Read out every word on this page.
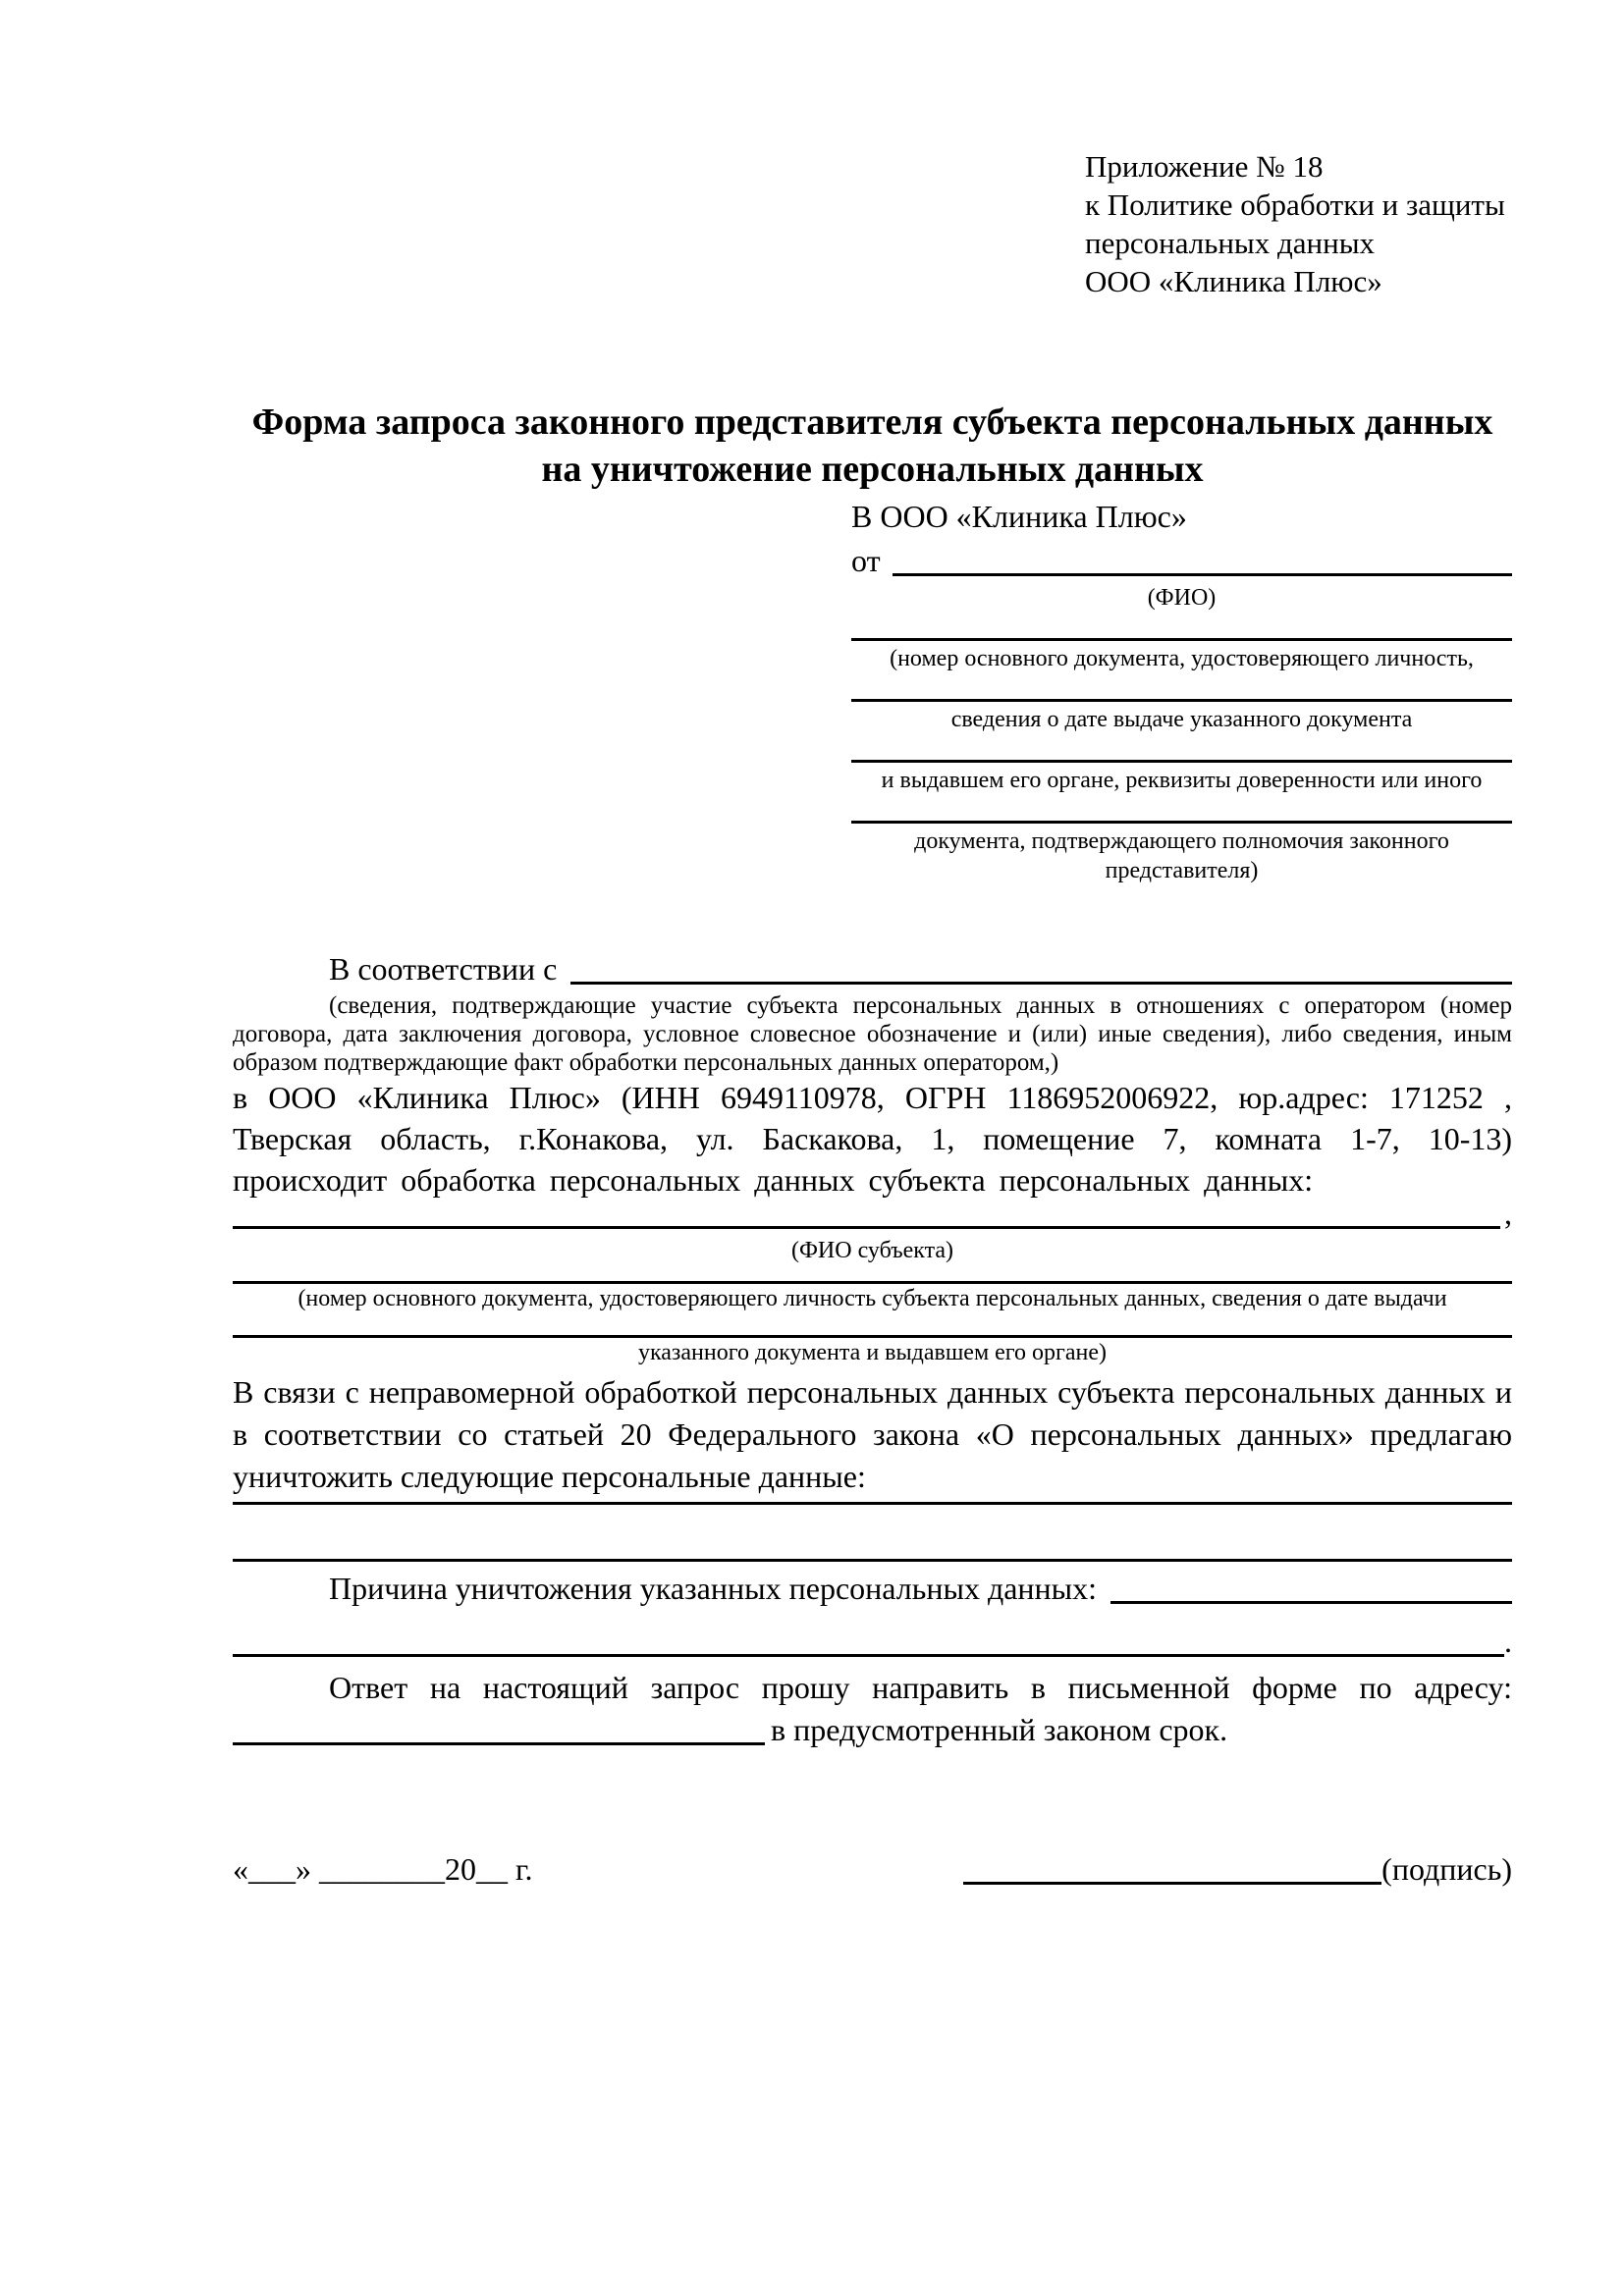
Приложение № 18
к Политике обработки и защиты
персональных данных
ООО «Клиника Плюс»
Форма запроса законного представителя субъекта персональных данных
на уничтожение персональных данных
В ООО «Клиника Плюс»
от
(ФИО)
(номер основного документа, удостоверяющего личность,
сведения о дате выдаче указанного документа
и выдавшем его органе, реквизиты доверенности или иного
документа, подтверждающего полномочия законного представителя)
В соответствии с

(сведения, подтверждающие участие субъекта персональных данных в отношениях с оператором (номер договора, дата заключения договора, условное словесное обозначение и (или) иные сведения), либо сведения, иным образом подтверждающие факт обработки персональных данных оператором,)

в ООО «Клиника Плюс» (ИНН 6949110978, ОГРН 1186952006922, юр.адрес: 171252 , Тверская область, г.Конакова, ул. Баскакова, 1, помещение 7, комната 1-7, 10-13) происходит обработка персональных данных субъекта персональных данных:

,
(ФИО субъекта)
(номер основного документа, удостоверяющего личность субъекта персональных данных, сведения о дате выдачи
указанного документа и выдавшем его органе)

В связи с неправомерной обработкой персональных данных субъекта персональных данных и в соответствии со статьей 20 Федерального закона «О персональных данных» предлагаю уничтожить следующие персональные данные:

Причина уничтожения указанных персональных данных:
.

Ответ на настоящий запрос прошу направить в письменной форме по адресу:

в предусмотренный законом срок.
«___» ________20__ г.	(подпись)
